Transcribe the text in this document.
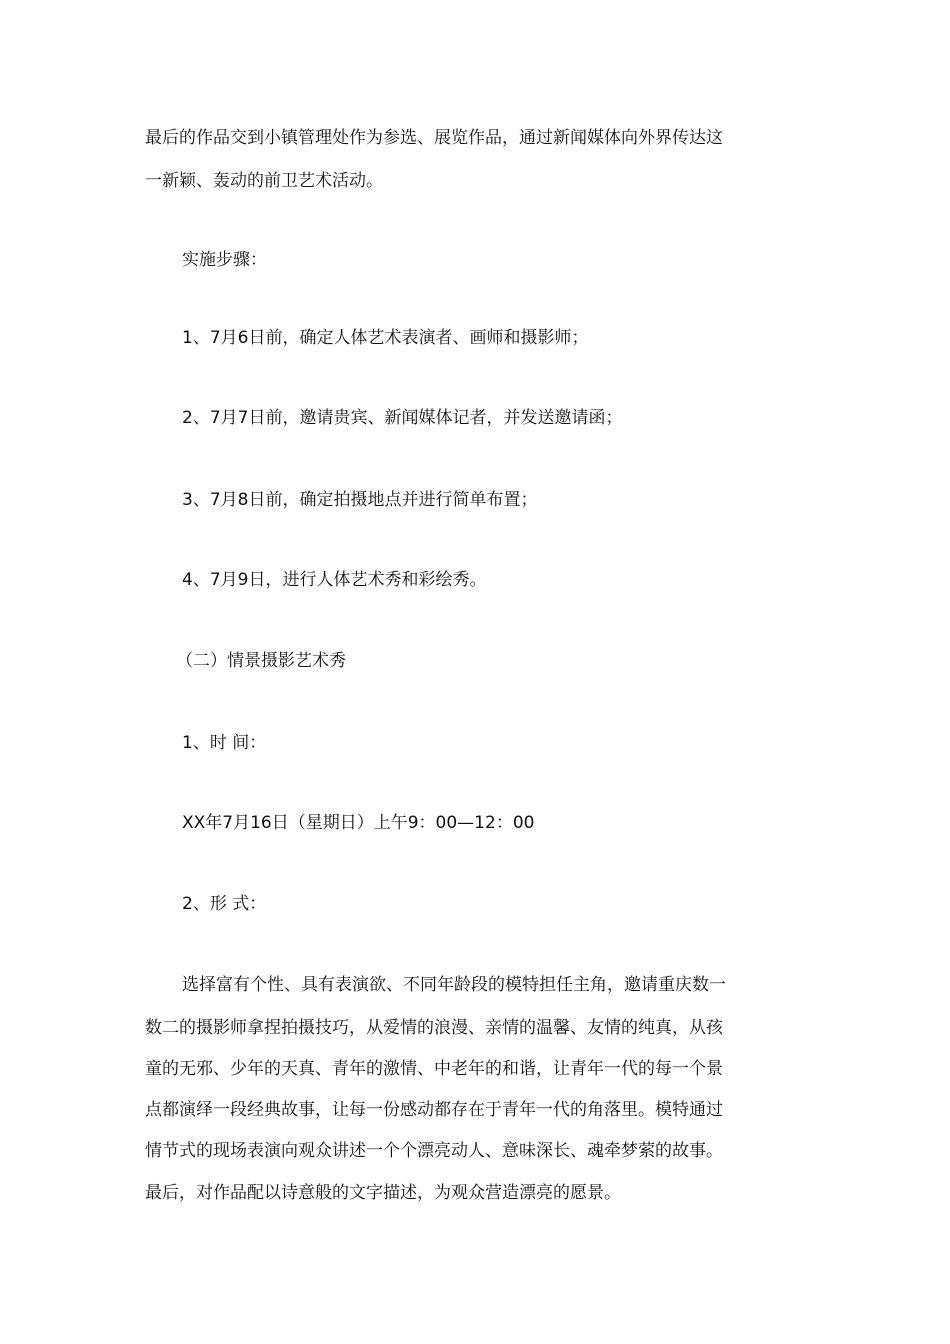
最后的作品交到小镇管理处作为参选、展览作品，通过新闻媒体向外界传达这

一新颖、轰动的前卫艺术活动。

实施步骤：

1、7月6日前，确定人体艺术表演者、画师和摄影师；

2、7月7日前，邀请贵宾、新闻媒体记者，并发送邀请函；

3、7月8日前，确定拍摄地点并进行简单布置；

4、7月9日，进行人体艺术秀和彩绘秀。

（二）情景摄影艺术秀

1、时 间：

XX年7月16日（星期日）上午9：00—12：00

2、形 式：

选择富有个性、具有表演欲、不同年龄段的模特担任主角，邀请重庆数一

数二的摄影师拿捏拍摄技巧，从爱情的浪漫、亲情的温馨、友情的纯真，从孩

童的无邪、少年的天真、青年的激情、中老年的和谐，让青年一代的每一个景

点都演绎一段经典故事，让每一份感动都存在于青年一代的角落里。模特通过

情节式的现场表演向观众讲述一个个漂亮动人、意味深长、魂牵梦萦的故事。

最后，对作品配以诗意般的文字描述，为观众营造漂亮的愿景。
